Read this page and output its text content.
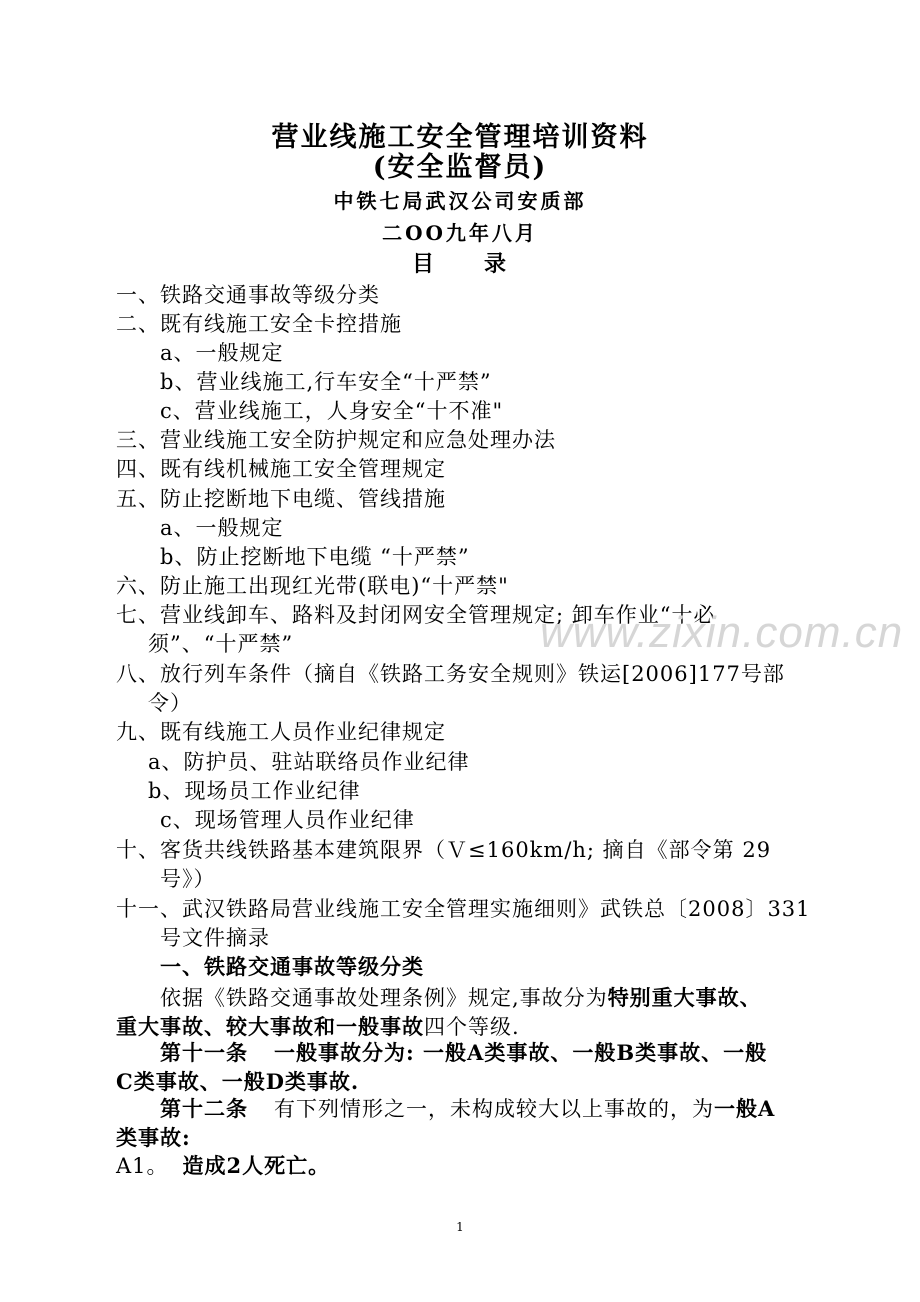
营业线施工安全管理培训资料
(安全监督员)
中铁七局武汉公司安质部
二OO九年八月
目 录
一、铁路交通事故等级分类
二、既有线施工安全卡控措施
a、一般规定
b、营业线施工,行车安全“十严禁”
c、营业线施工，人身安全“十不准"
三、营业线施工安全防护规定和应急处理办法
四、既有线机械施工安全管理规定
五、防止挖断地下电缆、管线措施
a、一般规定
b、防止挖断地下电缆 “十严禁”
六、防止施工出现红光带(联电)“十严禁"
七、营业线卸车、路料及封闭网安全管理规定; 卸车作业“十必
须”、“十严禁”
八、放行列车条件（摘自《铁路工务安全规则》铁运[2006]177号部
令）
九、既有线施工人员作业纪律规定
a、防护员、驻站联络员作业纪律
b、现场员工作业纪律
c、现场管理人员作业纪律
十、客货共线铁路基本建筑限界（Ｖ≤160km/h; 摘自《部令第 29
号》）
十一、武汉铁路局营业线施工安全管理实施细则》武铁总〔2008〕331
号文件摘录
一、铁路交通事故等级分类
依据《铁路交通事故处理条例》规定,事故分为特别重大事故、
重大事故、较大事故和一般事故四个等级.
第十一条 一般事故分为: 一般A类事故、一般B类事故、一般
C类事故、一般D类事故.
第十二条 有下列情形之一，未构成较大以上事故的，为一般A
类事故:
A1。 造成2人死亡。
www.zixin.com.cn
1
